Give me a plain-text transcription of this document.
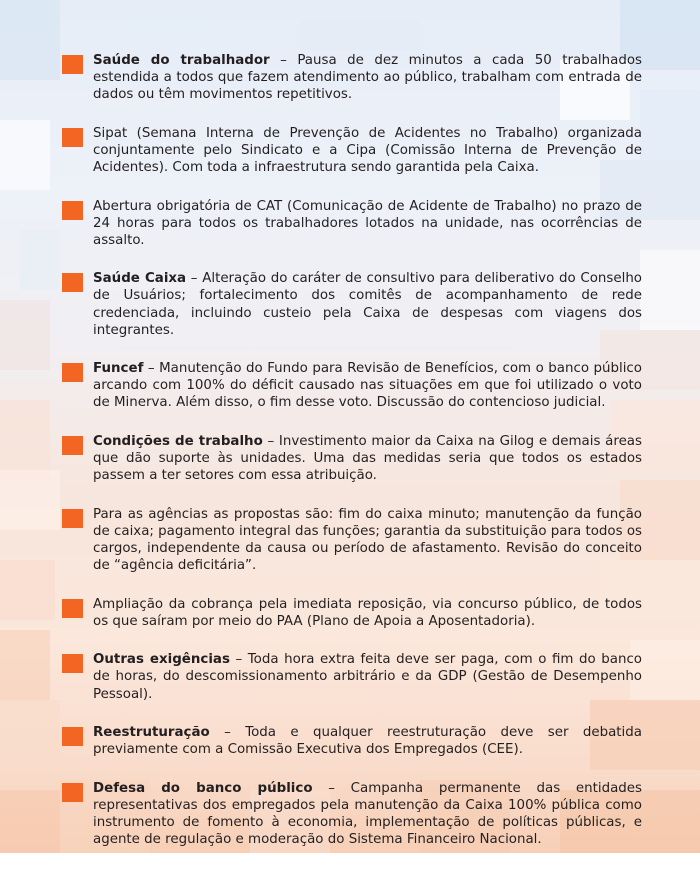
Saúde do trabalhador – Pausa de dez minutos a cada 50 trabalhados estendida a todos que fazem atendimento ao público, trabalham com entrada de dados ou têm movimentos repetitivos.

Sipat (Semana Interna de Prevenção de Acidentes no Trabalho) organizada conjuntamente pelo Sindicato e a Cipa (Comissão Interna de Prevenção de Acidentes). Com toda a infraestrutura sendo garantida pela Caixa.

Abertura obrigatória de CAT (Comunicação de Acidente de Trabalho) no prazo de 24 horas para todos os trabalhadores lotados na unidade, nas ocorrências de assalto.

Saúde Caixa – Alteração do caráter de consultivo para deliberativo do Conselho de Usuários; fortalecimento dos comitês de acompanhamento de rede credenciada, incluindo custeio pela Caixa de despesas com viagens dos integrantes.

Funcef – Manutenção do Fundo para Revisão de Benefícios, com o banco público arcando com 100% do déficit causado nas situações em que foi utilizado o voto de Minerva. Além disso, o fim desse voto. Discussão do contencioso judicial.

Condições de trabalho – Investimento maior da Caixa na Gilog e demais áreas que dão suporte às unidades. Uma das medidas seria que todos os estados passem a ter setores com essa atribuição.

Para as agências as propostas são: fim do caixa minuto; manutenção da função de caixa; pagamento integral das funções; garantia da substituição para todos os cargos, independente da causa ou período de afastamento. Revisão do conceito de “agência deficitária”.

Ampliação da cobrança pela imediata reposição, via concurso público, de todos os que saíram por meio do PAA (Plano de Apoia a Aposentadoria).

Outras exigências – Toda hora extra feita deve ser paga, com o fim do banco de horas, do descomissionamento arbitrário e da GDP (Gestão de Desempenho Pessoal).

Reestruturação – Toda e qualquer reestruturação deve ser debatida previamente com a Comissão Executiva dos Empregados (CEE).

Defesa do banco público – Campanha permanente das entidades representativas dos empregados pela manutenção da Caixa 100% pública como instrumento de fomento à economia, implementação de políticas públicas, e agente de regulação e moderação do Sistema Financeiro Nacional.
